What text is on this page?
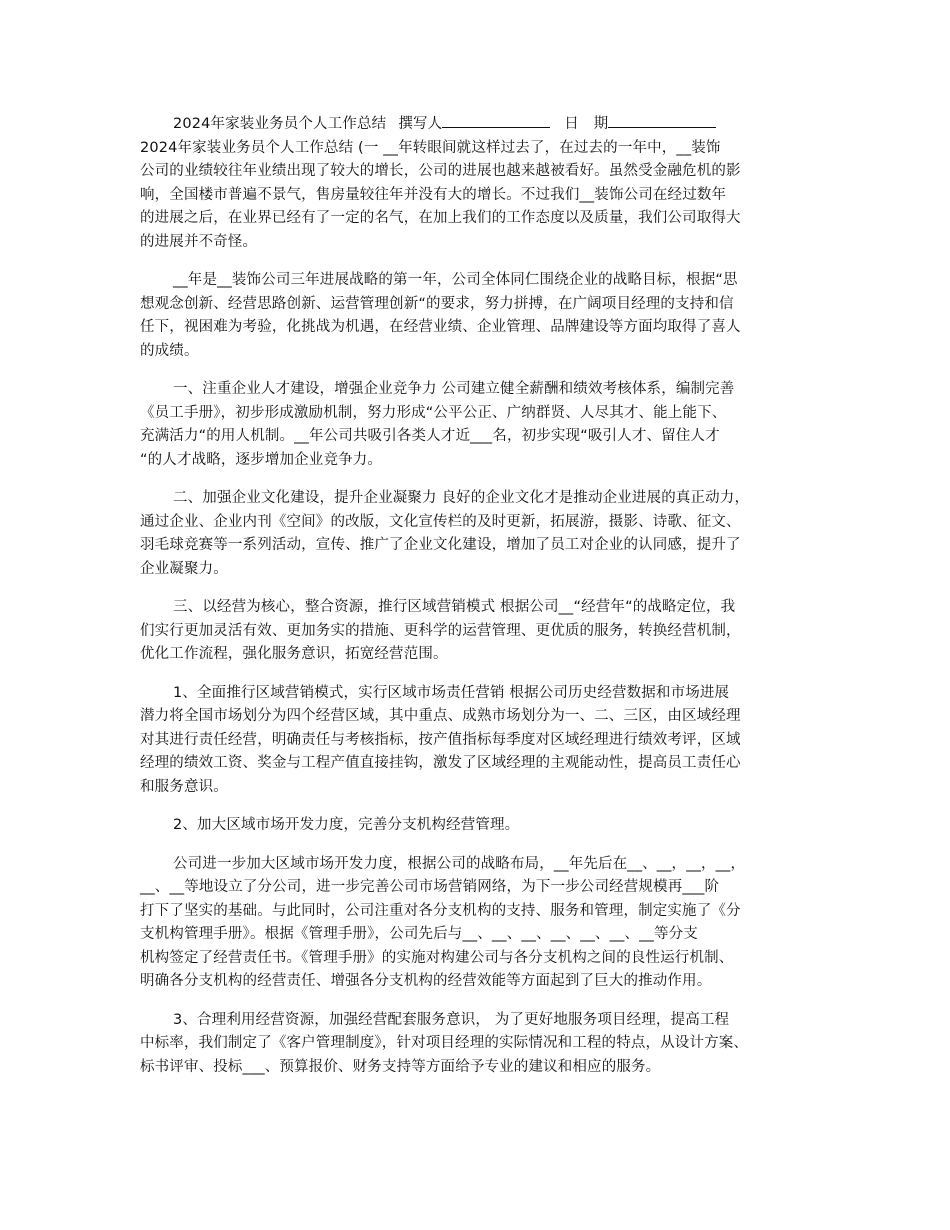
2024年家装业务员个人工作总结 撰写人	日　期
2024年家装业务员个人工作总结 (一 __年转眼间就这样过去了，在过去的一年中，__装饰
公司的业绩较往年业绩出现了较大的增长，公司的进展也越来越被看好。虽然受金融危机的影
响，全国楼市普遍不景气，售房量较往年并没有大的增长。不过我们__装饰公司在经过数年
的进展之后，在业界已经有了一定的名气，在加上我们的工作态度以及质量，我们公司取得大
的进展并不奇怪。
__年是__装饰公司三年进展战略的第一年，公司全体同仁围绕企业的战略目标，根据“思
想观念创新、经营思路创新、运营管理创新“的要求，努力拼搏，在广阔项目经理的支持和信
任下，视困难为考验，化挑战为机遇，在经营业绩、企业管理、品牌建设等方面均取得了喜人
的成绩。
一、注重企业人才建设，增强企业竞争力 公司建立健全薪酬和绩效考核体系，编制完善
《员工手册》，初步形成激励机制，努力形成“公平公正、广纳群贤、人尽其才、能上能下、
充满活力“的用人机制。__年公司共吸引各类人才近___名，初步实现“吸引人才、留住人才
“的人才战略，逐步增加企业竞争力。
二、加强企业文化建设，提升企业凝聚力 良好的企业文化才是推动企业进展的真正动力，
通过企业、企业内刊《空间》的改版，文化宣传栏的及时更新，拓展游，摄影、诗歌、征文、
羽毛球竞赛等一系列活动，宣传、推广了企业文化建设，增加了员工对企业的认同感，提升了
企业凝聚力。
三、以经营为核心，整合资源，推行区域营销模式 根据公司__“经营年“的战略定位，我
们实行更加灵活有效、更加务实的措施、更科学的运营管理、更优质的服务，转换经营机制，
优化工作流程，强化服务意识，拓宽经营范围。
1、全面推行区域营销模式，实行区域市场责任营销 根据公司历史经营数据和市场进展
潜力将全国市场划分为四个经营区域，其中重点、成熟市场划分为一、二、三区，由区域经理
对其进行责任经营，明确责任与考核指标，按产值指标每季度对区域经理进行绩效考评，区域
经理的绩效工资、奖金与工程产值直接挂钩，激发了区域经理的主观能动性，提高员工责任心
和服务意识。
2、加大区域市场开发力度，完善分支机构经营管理。
公司进一步加大区域市场开发力度，根据公司的战略布局，__年先后在__、__，__，__，
__、__等地设立了分公司，进一步完善公司市场营销网络，为下一步公司经营规模再___阶
打下了坚实的基础。与此同时，公司注重对各分支机构的支持、服务和管理，制定实施了《分
支机构管理手册》。根据《管理手册》，公司先后与__、__、__、__、__、__、__等分支
机构签定了经营责任书。《管理手册》的实施对构建公司与各分支机构之间的良性运行机制、
明确各分支机构的经营责任、增强各分支机构的经营效能等方面起到了巨大的推动作用。
3、合理利用经营资源，加强经营配套服务意识， 为了更好地服务项目经理，提高工程
中标率，我们制定了《客户管理制度》，针对项目经理的实际情况和工程的特点，从设计方案、
标书评审、投标___、预算报价、财务支持等方面给予专业的建议和相应的服务。
